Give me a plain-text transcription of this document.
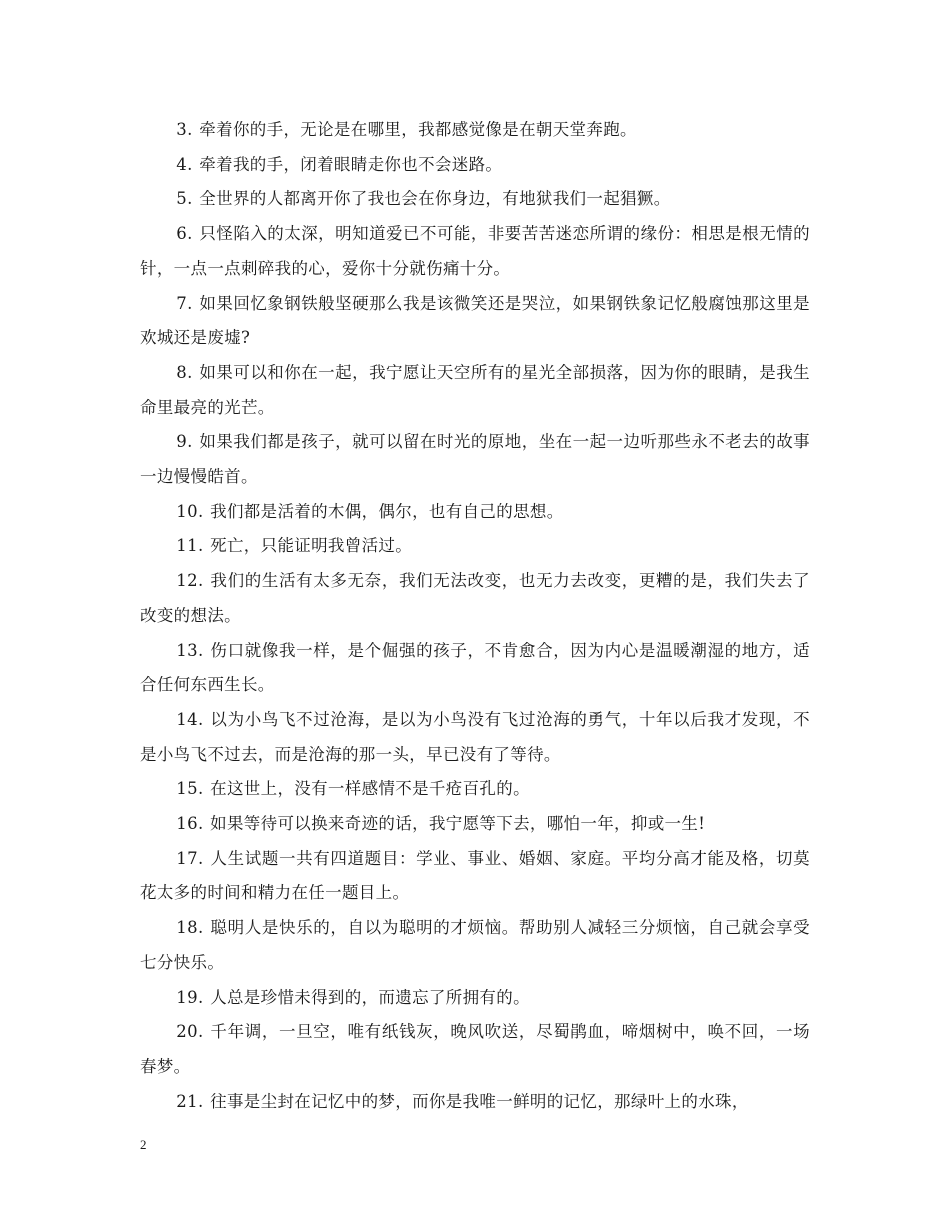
3. 牵着你的手，无论是在哪里，我都感觉像是在朝天堂奔跑。

4. 牵着我的手，闭着眼睛走你也不会迷路。

5. 全世界的人都离开你了我也会在你身边，有地狱我们一起猖獗。

6. 只怪陷入的太深，明知道爱已不可能，非要苦苦迷恋所谓的缘份：相思是根无情的针，一点一点刺碎我的心，爱你十分就伤痛十分。

7. 如果回忆象钢铁般坚硬那么我是该微笑还是哭泣，如果钢铁象记忆般腐蚀那这里是欢城还是废墟?

8. 如果可以和你在一起，我宁愿让天空所有的星光全部损落，因为你的眼睛，是我生命里最亮的光芒。

9. 如果我们都是孩子，就可以留在时光的原地，坐在一起一边听那些永不老去的故事一边慢慢皓首。

10. 我们都是活着的木偶，偶尔，也有自己的思想。

11. 死亡，只能证明我曾活过。

12. 我们的生活有太多无奈，我们无法改变，也无力去改变，更糟的是，我们失去了改变的想法。

13. 伤口就像我一样，是个倔强的孩子，不肯愈合，因为内心是温暖潮湿的地方，适合任何东西生长。

14. 以为小鸟飞不过沧海，是以为小鸟没有飞过沧海的勇气，十年以后我才发现，不是小鸟飞不过去，而是沧海的那一头，早已没有了等待。

15. 在这世上，没有一样感情不是千疮百孔的。

16. 如果等待可以换来奇迹的话，我宁愿等下去，哪怕一年，抑或一生!

17. 人生试题一共有四道题目：学业、事业、婚姻、家庭。平均分高才能及格，切莫花太多的时间和精力在任一题目上。

18. 聪明人是快乐的，自以为聪明的才烦恼。帮助别人减轻三分烦恼，自己就会享受七分快乐。

19. 人总是珍惜未得到的，而遗忘了所拥有的。

20. 千年调，一旦空，唯有纸钱灰，晚风吹送，尽蜀鹃血，啼烟树中，唤不回，一场春梦。

21. 往事是尘封在记忆中的梦，而你是我唯一鲜明的记忆，那绿叶上的水珠，

2
